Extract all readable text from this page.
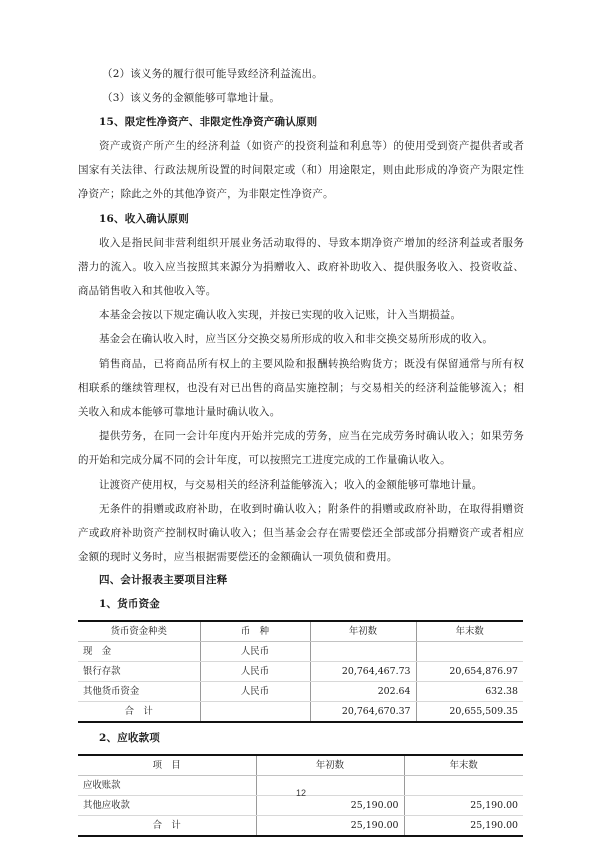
（2）该义务的履行很可能导致经济利益流出。

（3）该义务的金额能够可靠地计量。

15、限定性净资产、非限定性净资产确认原则

资产或资产所产生的经济利益（如资产的投资利益和利息等）的使用受到资产提供者或者国家有关法律、行政法规所设置的时间限定或（和）用途限定，则由此形成的净资产为限定性净资产；除此之外的其他净资产，为非限定性净资产。

16、收入确认原则

收入是指民间非营利组织开展业务活动取得的、导致本期净资产增加的经济利益或者服务潜力的流入。收入应当按照其来源分为捐赠收入、政府补助收入、提供服务收入、投资收益、商品销售收入和其他收入等。

本基金会按以下规定确认收入实现，并按已实现的收入记账，计入当期损益。

基金会在确认收入时，应当区分交换交易所形成的收入和非交换交易所形成的收入。

销售商品，已将商品所有权上的主要风险和报酬转换给购货方；既没有保留通常与所有权相联系的继续管理权，也没有对已出售的商品实施控制；与交易相关的经济利益能够流入；相关收入和成本能够可靠地计量时确认收入。

提供劳务，在同一会计年度内开始并完成的劳务，应当在完成劳务时确认收入；如果劳务的开始和完成分属不同的会计年度，可以按照完工进度完成的工作量确认收入。

让渡资产使用权，与交易相关的经济利益能够流入；收入的金额能够可靠地计量。

无条件的捐赠或政府补助，在收到时确认收入；附条件的捐赠或政府补助，在取得捐赠资产或政府补助资产控制权时确认收入；但当基金会存在需要偿还全部或部分捐赠资产或者相应金额的现时义务时，应当根据需要偿还的金额确认一项负债和费用。

四、会计报表主要项目注释

1、货币资金

货币资金种类	币　种	年初数	年末数
现　金	人民币		
银行存款	人民币	20,764,467.73	20,654,876.97
其他货币资金	人民币	202.64	632.38
合　计		20,764,670.37	20,655,509.35

2、应收款项

项　目	年初数	年末数
应收账款		
其他应收款	25,190.00	25,190.00
合　计	25,190.00	25,190.00
12
